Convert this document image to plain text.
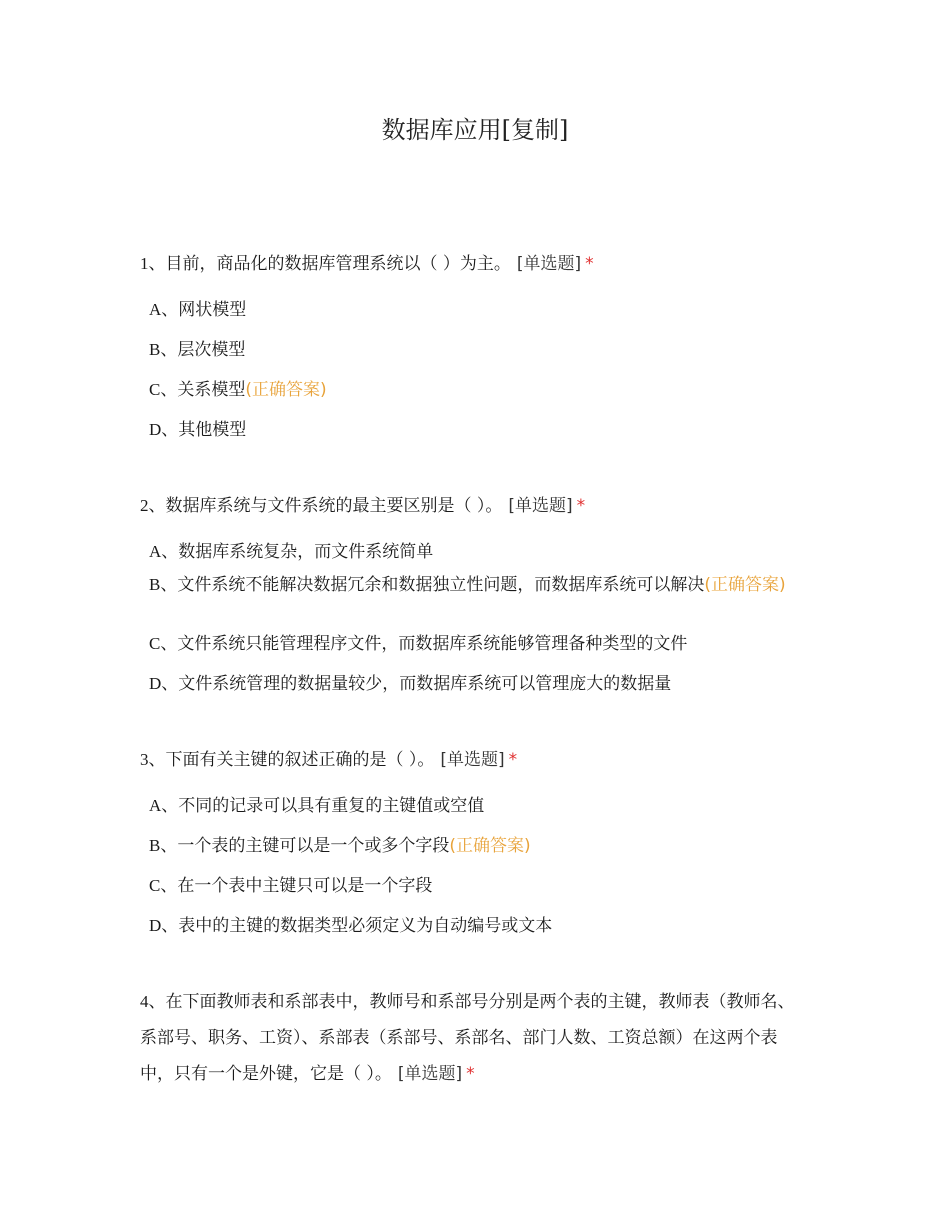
数据库应用[复制]
1、目前，商品化的数据库管理系统以（ ）为主。 [单选题] *
A、网状模型
B、层次模型
C、关系模型(正确答案)
D、其他模型
2、数据库系统与文件系统的最主要区别是（ ）。 [单选题] *
A、数据库系统复杂，而文件系统简单
B、文件系统不能解决数据冗余和数据独立性问题，而数据库系统可以解决(正确答案)
C、文件系统只能管理程序文件，而数据库系统能够管理备种类型的文件
D、文件系统管理的数据量较少，而数据库系统可以管理庞大的数据量
3、下面有关主键的叙述正确的是（ ）。 [单选题] *
A、不同的记录可以具有重复的主键值或空值
B、一个表的主键可以是一个或多个字段(正确答案)
C、在一个表中主键只可以是一个字段
D、表中的主键的数据类型必须定义为自动编号或文本
4、在下面教师表和系部表中，教师号和系部号分别是两个表的主键，教师表（教师名、系部号、职务、工资）、系部表（系部号、系部名、部门人数、工资总额）在这两个表中，只有一个是外键，它是（ ）。 [单选题] *
